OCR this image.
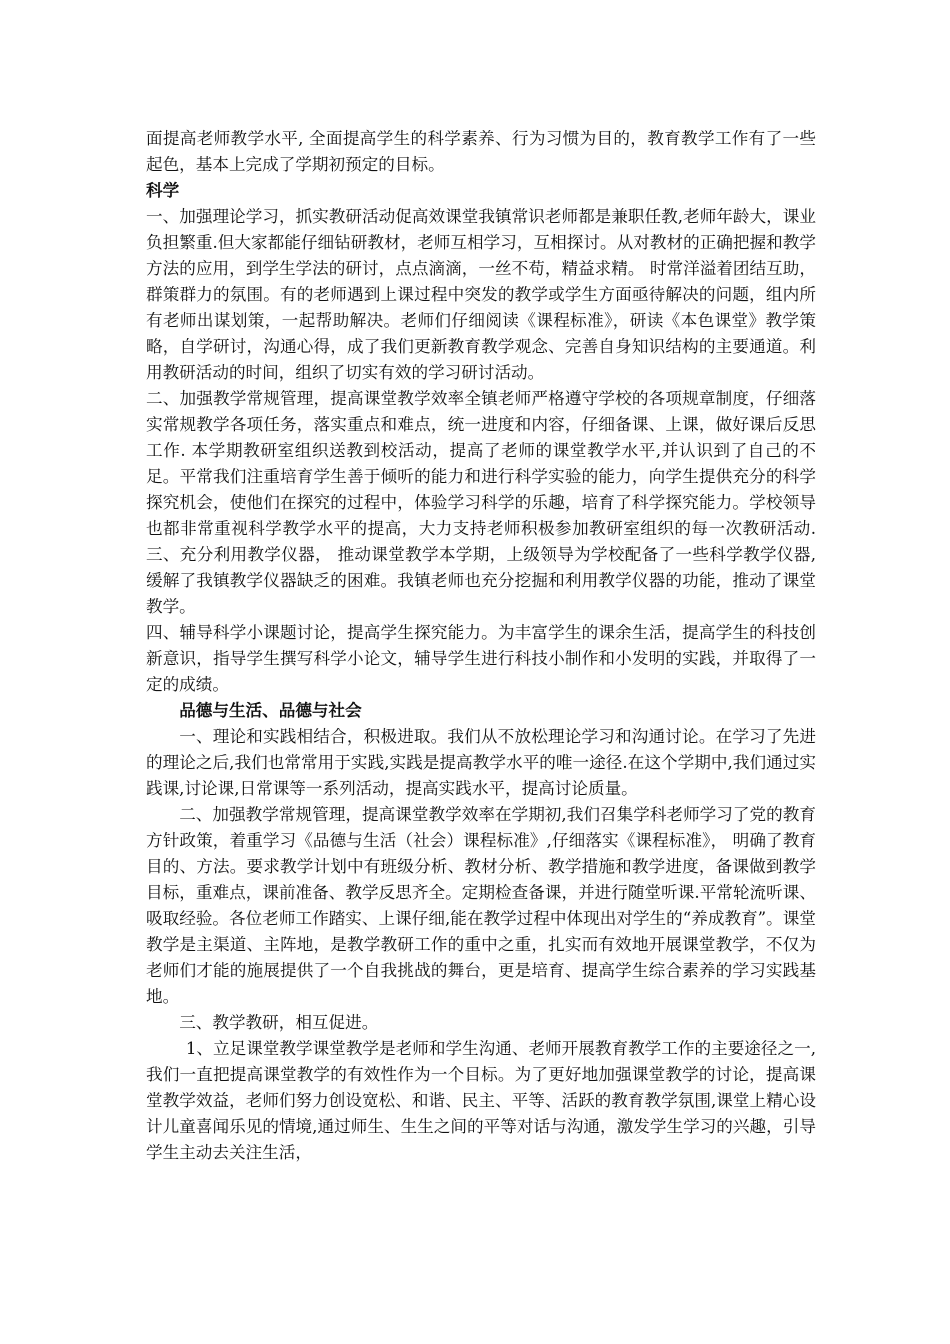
面提高老师教学水平, 全面提高学生的科学素养、行为习惯为目的，教育教学工作有了一些起色，基本上完成了学期初预定的目标。

科学

一、加强理论学习，抓实教研活动促高效课堂我镇常识老师都是兼职任教,老师年龄大，课业负担繁重.但大家都能仔细钻研教材，老师互相学习，互相探讨。从对教材的正确把握和教学方法的应用，到学生学法的研讨，点点滴滴，一丝不苟，精益求精。 时常洋溢着团结互助，群策群力的氛围。有的老师遇到上课过程中突发的教学或学生方面亟待解决的问题，组内所有老师出谋划策，一起帮助解决。老师们仔细阅读《课程标准》，研读《本色课堂》教学策略，自学研讨，沟通心得，成了我们更新教育教学观念、完善自身知识结构的主要通道。利用教研活动的时间，组织了切实有效的学习研讨活动。

二、加强教学常规管理，提高课堂教学效率全镇老师严格遵守学校的各项规章制度，仔细落实常规教学各项任务，落实重点和难点，统一进度和内容，仔细备课、上课，做好课后反思工作. 本学期教研室组织送教到校活动，提高了老师的课堂教学水平,并认识到了自己的不足。平常我们注重培育学生善于倾听的能力和进行科学实验的能力，向学生提供充分的科学探究机会，使他们在探究的过程中，体验学习科学的乐趣，培育了科学探究能力。学校领导也都非常重视科学教学水平的提高，大力支持老师积极参加教研室组织的每一次教研活动.三、充分利用教学仪器， 推动课堂教学本学期，上级领导为学校配备了一些科学教学仪器,缓解了我镇教学仪器缺乏的困难。我镇老师也充分挖掘和利用教学仪器的功能，推动了课堂教学。

四、辅导科学小课题讨论，提高学生探究能力。为丰富学生的课余生活，提高学生的科技创新意识，指导学生撰写科学小论文，辅导学生进行科技小制作和小发明的实践，并取得了一定的成绩。

品德与生活、品德与社会

一、理论和实践相结合，积极进取。我们从不放松理论学习和沟通讨论。在学习了先进的理论之后,我们也常常用于实践,实践是提高教学水平的唯一途径.在这个学期中,我们通过实践课,讨论课,日常课等一系列活动，提高实践水平，提高讨论质量。

二、加强教学常规管理，提高课堂教学效率在学期初,我们召集学科老师学习了党的教育方针政策，着重学习《品德与生活（社会）课程标准》,仔细落实《课程标准》， 明确了教育目的、方法。要求教学计划中有班级分析、教材分析、教学措施和教学进度，备课做到教学目标，重难点，课前准备、教学反思齐全。定期检查备课，并进行随堂听课.平常轮流听课、吸取经验。各位老师工作踏实、上课仔细,能在教学过程中体现出对学生的“养成教育”。课堂教学是主渠道、主阵地，是教学教研工作的重中之重，扎实而有效地开展课堂教学，不仅为老师们才能的施展提供了一个自我挑战的舞台，更是培育、提高学生综合素养的学习实践基地。

三、教学教研，相互促进。

1、立足课堂教学课堂教学是老师和学生沟通、老师开展教育教学工作的主要途径之一,我们一直把提高课堂教学的有效性作为一个目标。为了更好地加强课堂教学的讨论，提高课堂教学效益，老师们努力创设宽松、和谐、民主、平等、活跃的教育教学氛围,课堂上精心设计儿童喜闻乐见的情境,通过师生、生生之间的平等对话与沟通，激发学生学习的兴趣，引导学生主动去关注生活，
